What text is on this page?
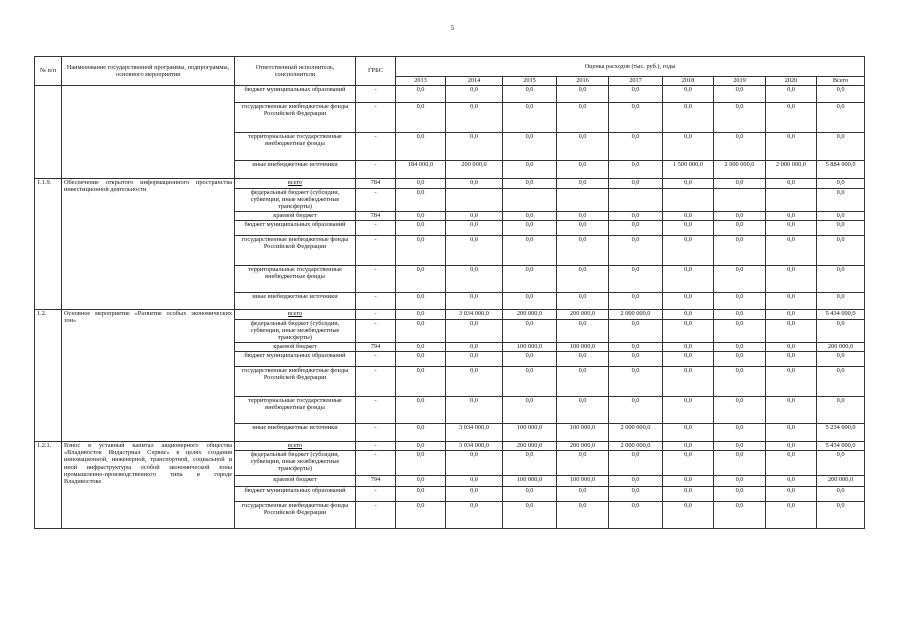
5
№ п/п	Наименование государственной программы, подпрограммы, основного мероприятия	Ответственный исполнитель, соисполнители	ГРБС	Оценка расходов (тыс. руб.), годы								
				2013	2014	2015	2016	2017	2018	2019	2020	Всего
		бюджет муниципальных образований	-	0,0	0,0	0,0	0,0	0,0	0,0	0,0	0,0	0,0
		государственные внебюджетные фонды Российской Федерации	-	0,0	0,0	0,0	0,0	0,0	0,0	0,0	0,0	0,0
		территориальные государственные внебюджетные фонды	-	0,0	0,0	0,0	0,0	0,0	0,0	0,0	0,0	0,0
		иные внебюджетные источники	-	184 000,0	200 000,0	0,0	0,0	0,0	1 500 000,0	2 000 000,0	2 000 000,0	5 884 000,0
1.1.9.	Обеспечение открытого информационного пространства инвестиционной деятельности	всего	784	0,0	0,0	0,0	0,0	0,0	0,0	0,0	0,0	0,0
		федеральный бюджет (субсидии, субвенции, иные межбюджетные трансферты)	-	0,0								0,0
		краевой бюджет	784	0,0	0,0	0,0	0,0	0,0	0,0	0,0	0,0	0,0
		бюджет муниципальных образований	-	0,0	0,0	0,0	0,0	0,0	0,0	0,0	0,0	0,0
		государственные внебюджетные фонды Российской Федерации	-	0,0	0,0	0,0	0,0	0,0	0,0	0,0	0,0	0,0
		территориальные государственные внебюджетные фонды	-	0,0	0,0	0,0	0,0	0,0	0,0	0,0	0,0	0,0
		иные внебюджетные источники	-	0,0	0,0	0,0	0,0	0,0	0,0	0,0	0,0	0,0
1.2.	Основное мероприятие «Развитие особых экономических зон»	всего	-	0,0	3 034 000,0	200 000,0	200 000,0	2 000 000,0	0,0	0,0	0,0	5 434 000,0
		федеральный бюджет (субсидии, субвенции, иные межбюджетные трансферты)	-	0,0	0,0	0,0	0,0	0,0	0,0	0,0	0,0	0,0
		краевой бюджет	794	0,0	0,0	100 000,0	100 000,0	0,0	0,0	0,0	0,0	200 000,0
		бюджет муниципальных образований	-	0,0	0,0	0,0	0,0	0,0	0,0	0,0	0,0	0,0
		государственные внебюджетные фонды Российской Федерации	-	0,0	0,0	0,0	0,0	0,0	0,0	0,0	0,0	0,0
		территориальные государственные внебюджетные фонды	-	0,0	0,0	0,0	0,0	0,0	0,0	0,0	0,0	0,0
		иные внебюджетные источники	-	0,0	3 034 000,0	100 000,0	100 000,0	2 000 000,0	0,0	0,0	0,0	5 234 000,0
1.2.1.	Взнос в уставный капитал акционерного общества «Владивосток Индастриал Сервис» в целях создания инновационной, инженерной, транспортной, социальной и иной инфраструктуры особой экономической зоны промышленно-производственного типа в городе Владивостоке	всего	-	0,0	3 034 000,0	200 000,0	200 000,0	2 000 000,0	0,0	0,0	0,0	5 434 000,0
		федеральный бюджет (субсидии, субвенции, иные межбюджетные трансферты)	-	0,0	0,0	0,0	0,0	0,0	0,0	0,0	0,0	0,0
		краевой бюджет	794	0,0	0,0	100 000,0	100 000,0	0,0	0,0	0,0	0,0	200 000,0
		бюджет муниципальных образований	-	0,0	0,0	0,0	0,0	0,0	0,0	0,0	0,0	0,0
		государственные внебюджетные фонды Российской Федерации	-	0,0	0,0	0,0	0,0	0,0	0,0	0,0	0,0	0,0
